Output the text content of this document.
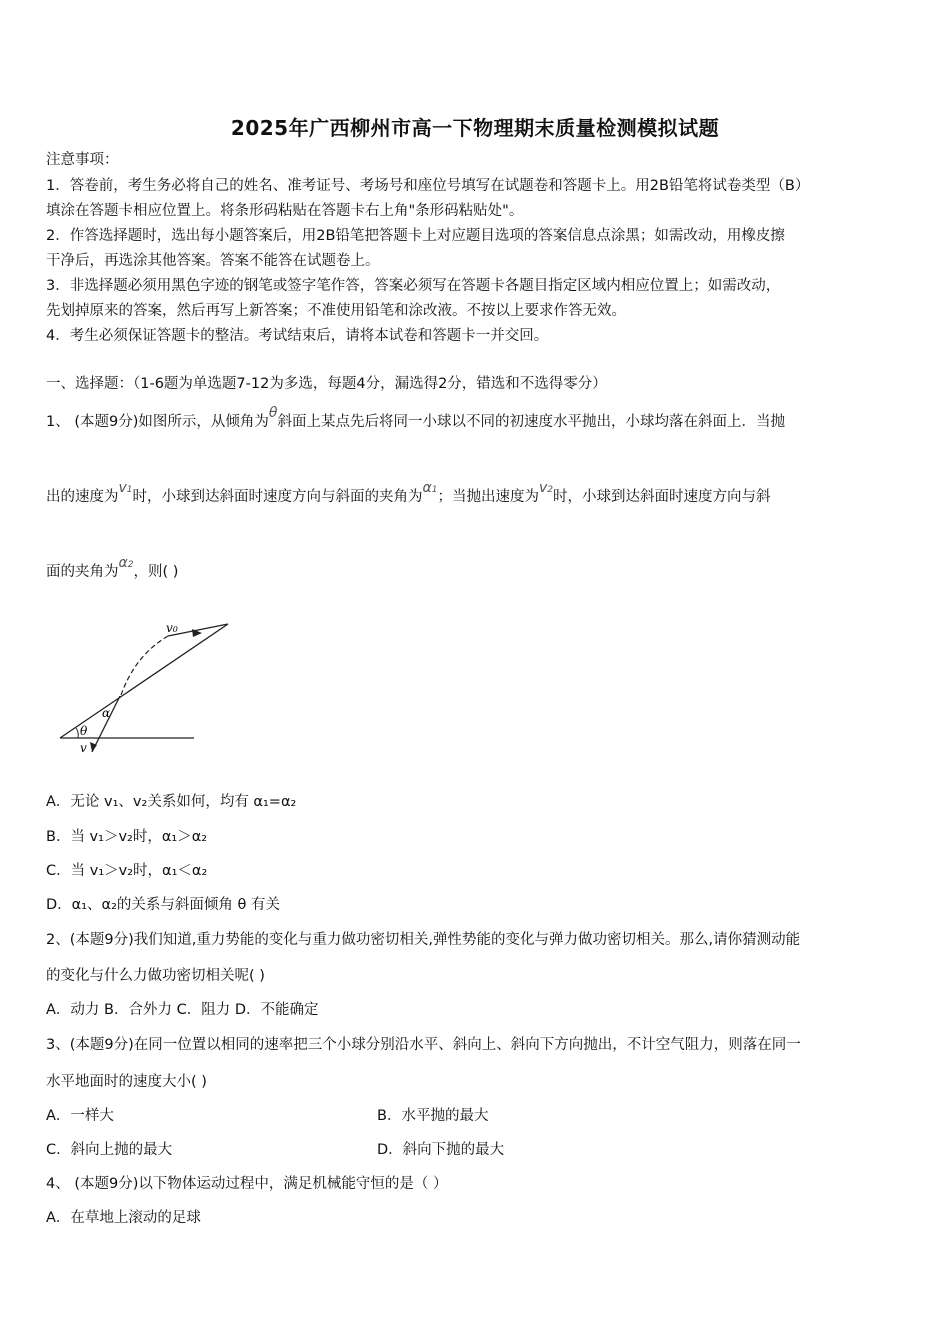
2025年广西柳州市高一下物理期末质量检测模拟试题
注意事项：
1．答卷前，考生务必将自己的姓名、准考证号、考场号和座位号填写在试题卷和答题卡上。用2B铅笔将试卷类型（B）
填涂在答题卡相应位置上。将条形码粘贴在答题卡右上角"条形码粘贴处"。
2．作答选择题时，选出每小题答案后，用2B铅笔把答题卡上对应题目选项的答案信息点涂黑；如需改动，用橡皮擦
干净后，再选涂其他答案。答案不能答在试题卷上。
3．非选择题必须用黑色字迹的钢笔或签字笔作答，答案必须写在答题卡各题目指定区域内相应位置上；如需改动，
先划掉原来的答案，然后再写上新答案；不准使用铅笔和涂改液。不按以上要求作答无效。
4．考生必须保证答题卡的整洁。考试结束后，请将本试卷和答题卡一并交回。
一、选择题：（1-6题为单选题7-12为多选，每题4分，漏选得2分，错选和不选得零分）
1、 (本题9分)如图所示，从倾角为θ斜面上某点先后将同一小球以不同的初速度水平抛出，小球均落在斜面上．当抛
出的速度为v1时，小球到达斜面时速度方向与斜面的夹角为α1；当抛出速度为v2时，小球到达斜面时速度方向与斜
面的夹角为α2，则( )
v0
α
θ
v
A．无论 v₁、v₂关系如何，均有 α₁=α₂
B．当 v₁＞v₂时，α₁＞α₂
C．当 v₁＞v₂时，α₁＜α₂
D．α₁、α₂的关系与斜面倾角 θ 有关
2、(本题9分)我们知道,重力势能的变化与重力做功密切相关,弹性势能的变化与弹力做功密切相关。那么,请你猜测动能
的变化与什么力做功密切相关呢( )
A．动力 B．合外力 C．阻力 D．不能确定
3、(本题9分)在同一位置以相同的速率把三个小球分别沿水平、斜向上、斜向下方向抛出，不计空气阻力，则落在同一
水平地面时的速度大小( )
A．一样大	B．水平抛的最大
C．斜向上抛的最大	D．斜向下抛的最大
4、 (本题9分)以下物体运动过程中，满足机械能守恒的是（ ）
A．在草地上滚动的足球
